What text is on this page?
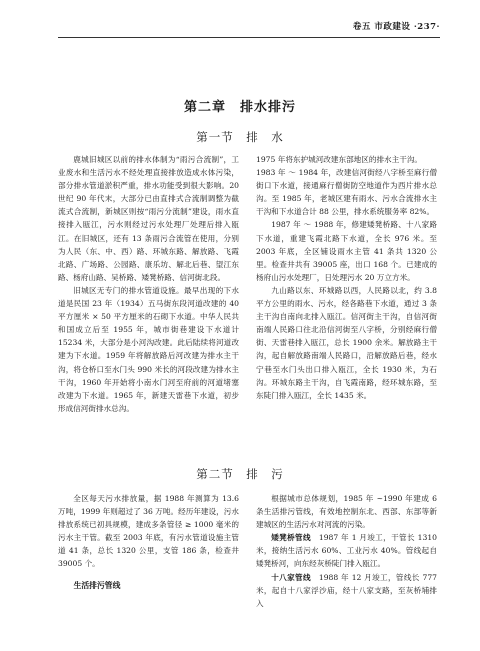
卷五 市政建设 ·237·
第二章　排水排污
第一节　排　水

鹿城旧城区以前的排水体制为“雨污合流制”，工业废水和生活污水不经处理直接排放造成水体污染，部分排水管道淤积严重，排水功能受到很大影响。20 世纪 90 年代末，大部分已由直排式合流制调整为截流式合流制，新城区则按“雨污分流制”建设，雨水直接排入瓯江，污水则经过污水处理厂处理后排入瓯江。在旧城区，还有 13 条雨污合流管在使用，分别为人民（东、中、西）路、环城东路、解放路、飞霞北路、广场路、公园路、康乐坊、解北后巷、望江东路、杨府山路、吴桥路、矮凳桥路、信河街北段。

旧城区无专门的排水管道设施。最早出现的下水道是民国 23 年（1934）五马街东段河道改建的 40 平方厘米 × 50 平方厘米的石砌下水道。中华人民共和国成立后至 1955 年，城市街巷建设下水道计 15234 米，大部分是小河沟改建。此后陆续将河道改建为下水道。1959 年将解放路后河改建为排水主干沟，将仓桥口至水门头 990 米长的河段改建为排水主干沟，1960 年开始将小南水门河至府前的河道堵塞改建为下水道。1965 年，新建天雷巷下水道，初步形成信河街排水总沟。

1975 年将东护城河改建东部地区的排水主干沟。

1983 年 ～ 1984 年，改建信河街经八字桥至麻行僧街口下水道，接通麻行僧街防空地道作为西片排水总沟。至 1985 年，老城区建有雨水、污水合流排水主干沟和下水道合计 88 公里，排水系统服务率 82%。

1987 年 ～ 1988 年，修建矮凳桥路、十八家路下水道，重建飞霞北路下水道，全长 976 米。至 2003 年底，全区铺设雨水主管 41 条共 1320 公里。检查井共有 39005 座，出口 168 个。已建成的杨府山污水处理厂，日处理污水 20 万立方米。

九山路以东、环城路以西，人民路以北，约 3.8 平方公里的雨水、污水，经各路巷下水道，通过 3 条主干沟自南向北排入瓯江。信河街主干沟，自信河街南端人民路口往北沿信河街至八字桥，分别经麻行僧街、天雷巷排入瓯江，总长 1900 余米。解放路主干沟，起自解放路南端人民路口，沿解放路后巷，经水宁巷至水门头出口排入瓯江，全长 1930 米，为石沟。环城东路主干沟，自飞霞南路，经环城东路，至东陡门排入瓯江，全长 1435 米。

第二节　排　污

全区每天污水排放量，据 1988 年测算为 13.6 万吨，1999 年则超过了 36 万吨。经历年建设，污水排放系统已初具规模，建成多条管径 ≥ 1000 毫米的污水主干管。截至 2003 年底，有污水管道设施主管道 41 条，总长 1320 公里，支管 186 条，检查井 39005 个。

生活排污管线

根据城市总体规划，1985 年 ~1990 年建成 6 条生活排污管线，有效地控制东北、西部、东部等新建城区的生活污水对河流的污染。

矮凳桥管线　1987 年 1 月竣工，干管长 1310 米，接纳生活污水 60%、工业污水 40%。管线起自矮凳桥河，向东经灰桥陡门排入瓯江。

十八家管线　1988 年 12 月竣工，管线长 777 米，起自十八家浮沙庙，经十八家支路，至灰桥埔排入
